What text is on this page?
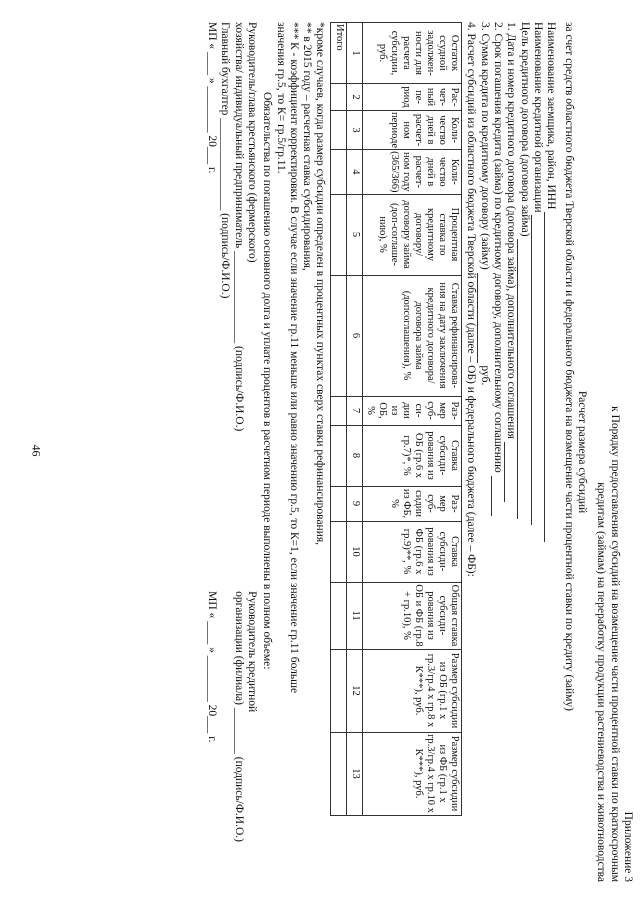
46
Приложение 3
к Порядку предоставления субсидий на возмещение части процентной ставки по краткосрочным
кредитам (займам) на переработку продукции растениеводства и животноводства
Расчет размера субсидий
за счет средств областного бюджета Тверской области и федерального бюджета на возмещение части процентной ставки по кредиту (займу)
Наименование заемщика, район, ИНН
Наименование кредитной организации
Цель кредитного договора (договора займа)
1. Дата и номер кредитного договора (договора займа), дополнительного соглашения
2. Срок погашения кредита (займа) по кредитному договору, дополнительному соглашению
3. Сумма кредита по кредитному договору (займу)  руб.
4. Расчет субсидий из областного бюджета Тверской области (далее – ОБ) и федерального бюджета (далее – ФБ):
Остаток ссудной задолжен-ности для расчета субсидии, руб.	Рас-чет-ный пе-риод	Коли-чество дней в расчет-ном периоде	Коли-чество дней в расчет-ном году (365/366)	Процентная ставка по кредитному договору/ договору займа (доп-соглаше-нию), %	Ставка рефинансирова-ния на дату заключения кредитного договора/договора займа (допсоглашения), %	Раз-мер суб-си-дии из ОБ, %	Ставка субсиди-рования из ОБ (гр.6 х гр.7)*, %	Раз-мер суб-сидии из ФБ, %	Ставка субсиди-рования из ФБ (гр.6 х гр.9)**, %	Общая ставка субсиди-рования из ОБ и ФБ (гр.8 + гр.10), %	Размер субсидии из ОБ (гр.1 х гр.3/гр.4 х гр.8 х К***), руб.	Размер субсидии из ФБ (гр.1 х гр.3/гр.4 х гр.10 х К***), руб.
1	2	3	4	5	6	7	8	9	10	11	12	13
Итого												
*кроме случаев, когда размер субсидии определен в процентных пунктах сверх ставки рефинансирования,
** в 2015 году – расчетная ставка субсидирования,
*** К - коэффициент корректировки. В случае если значение гр.11 меньше или равно значению гр.5, то К=1, если значение гр.11 больше
значения гр.5, то К= гр.5/гр.11.
Обязательства по погашению основного долга и уплате процентов в расчетном периоде выполнены в полном объеме:
Руководитель/глава крестьянского (фермерского)
хозяйства/ индивидуальный предприниматель ________________ (подпись/Ф.И.О.)
Главный бухгалтер ________________ (подпись/Ф.И.О.)
МП « ____ » ________ 20___ г.
Руководитель кредитной
организации (филиала) ________ (подпись/Ф.И.О.)

МП « ____ » ________ 20___ г.
